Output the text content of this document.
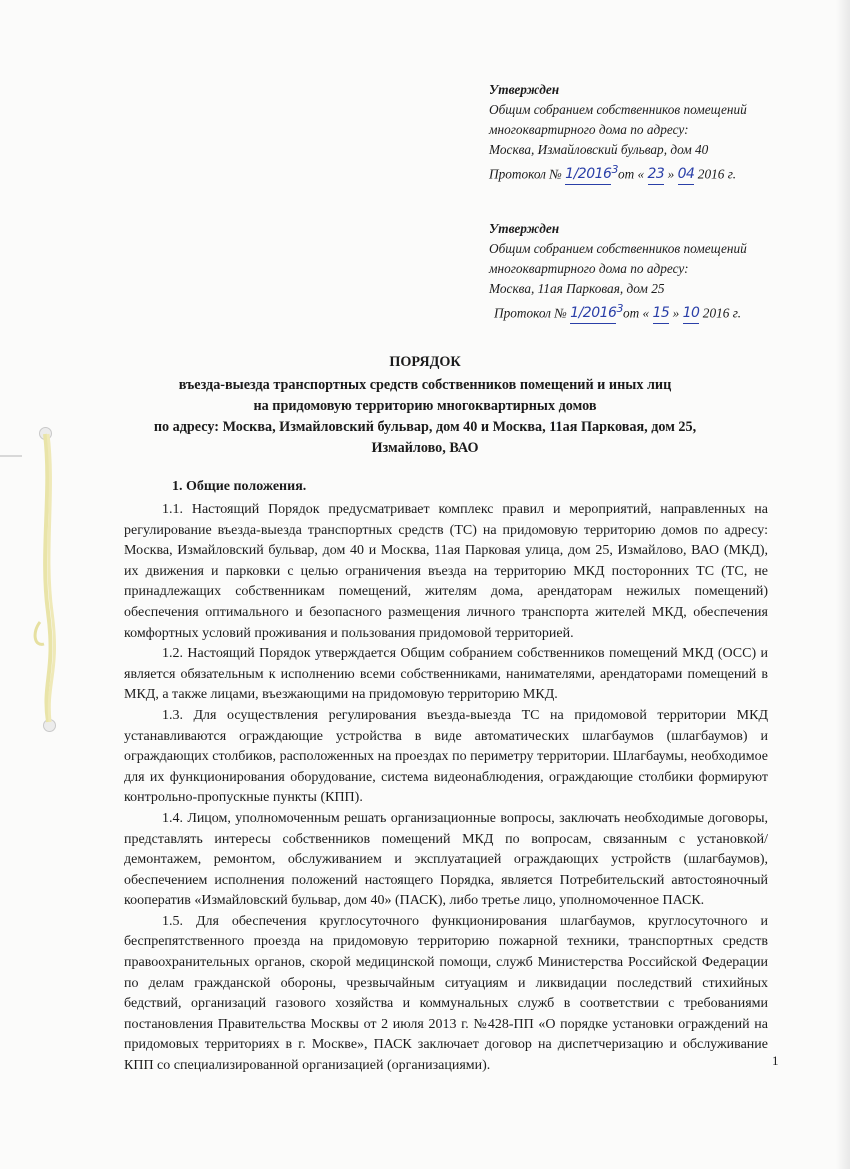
Утвержден
Общим собранием собственников помещений
многоквартирного дома по адресу:
Москва, Измайловский бульвар, дом 40
Протокол № 1/2016$^3$от « 23 » 04 2016 г.
Утвержден
Общим собранием собственников помещений
многоквартирного дома по адресу:
Москва, 11ая Парковая, дом 25
Протокол № 1/2016$^3$от « 15 » 10 2016 г.
ПОРЯДОК
въезда-выезда транспортных средств собственников помещений и иных лиц
на придомовую территорию многоквартирных домов
по адресу: Москва, Измайловский бульвар, дом 40 и Москва, 11ая Парковая, дом 25,
Измайлово, ВАО
1. Общие положения.

1.1. Настоящий Порядок предусматривает комплекс правил и мероприятий, направленных на регулирование въезда-выезда транспортных средств (ТС) на придомовую территорию домов по адресу: Москва, Измайловский бульвар, дом 40 и Москва, 11ая Парковая улица, дом 25, Измайлово, ВАО (МКД), их движения и парковки с целью ограничения въезда на территорию МКД посторонних ТС (ТС, не принадлежащих собственникам помещений, жителям дома, арендаторам нежилых помещений) обеспечения оптимального и безопасного размещения личного транспорта жителей МКД, обеспечения комфортных условий проживания и пользования придомовой территорией.

1.2. Настоящий Порядок утверждается Общим собранием собственников помещений МКД (ОСС) и является обязательным к исполнению всеми собственниками, нанимателями, арендаторами помещений в МКД, а также лицами, въезжающими на придомовую территорию МКД.

1.3. Для осуществления регулирования въезда-выезда ТС на придомовой территории МКД устанавливаются ограждающие устройства в виде автоматических шлагбаумов (шлагбаумов) и ограждающих столбиков, расположенных на проездах по периметру территории. Шлагбаумы, необходимое для их функционирования оборудование, система видеонаблюдения, ограждающие столбики формируют контрольно-пропускные пункты (КПП).

1.4. Лицом, уполномоченным решать организационные вопросы, заключать необходимые договоры, представлять интересы собственников помещений МКД по вопросам, связанным с установкой/демонтажем, ремонтом, обслуживанием и эксплуатацией ограждающих устройств (шлагбаумов), обеспечением исполнения положений настоящего Порядка, является Потребительский автостояночный кооператив «Измайловский бульвар, дом 40» (ПАСК), либо третье лицо, уполномоченное ПАСК.

1.5. Для обеспечения круглосуточного функционирования шлагбаумов, круглосуточного и беспрепятственного проезда на придомовую территорию пожарной техники, транспортных средств правоохранительных органов, скорой медицинской помощи, служб Министерства Российской Федерации по делам гражданской обороны, чрезвычайным ситуациям и ликвидации последствий стихийных бедствий, организаций газового хозяйства и коммунальных служб в соответствии с требованиями постановления Правительства Москвы от 2 июля 2013 г. №428-ПП «О порядке установки ограждений на придомовых территориях в г. Москве», ПАСК заключает договор на диспетчеризацию и обслуживание КПП со специализированной организацией (организациями).	1
